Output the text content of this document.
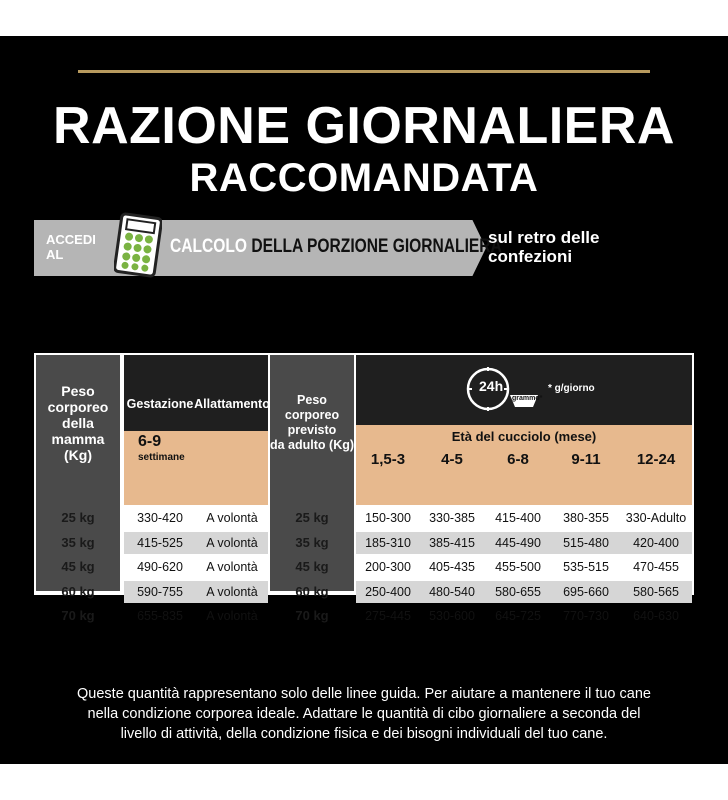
RAZIONE GIORNALIERA
RACCOMANDATA
ACCEDI
AL	CALCOLO DELLA PORZIONE GIORNALIERA
sul retro delle
confezioni
Peso
corporeo
della
mamma (Kg)
Gestazione Allattamento
6-9
settimane
Peso corporeo
previsto
da adulto (Kg)
24h
grammo*
* g/giorno
Età del cucciolo (mese)
1,5-3	4-5	6-8	9-11	12-24
25 kg	330-420	A volontà
35 kg	415-525	A volontà
45 kg	490-620	A volontà
60 kg	590-755	A volontà
70 kg	655-835	A volontà
25 kg	150-300	330-385	415-400	380-355	330-Adulto
35 kg	185-310	385-415	445-490	515-480	420-400
45 kg	200-300	405-435	455-500	535-515	470-455
60 kg	250-400	480-540	580-655	695-660	580-565
70 kg	275-445	530-600	645-725	770-730	640-630
Queste quantità rappresentano solo delle linee guida. Per aiutare a mantenere il tuo cane
nella condizione corporea ideale. Adattare le quantità di cibo giornaliere a seconda del
livello di attività, della condizione fisica e dei bisogni individuali del tuo cane.
